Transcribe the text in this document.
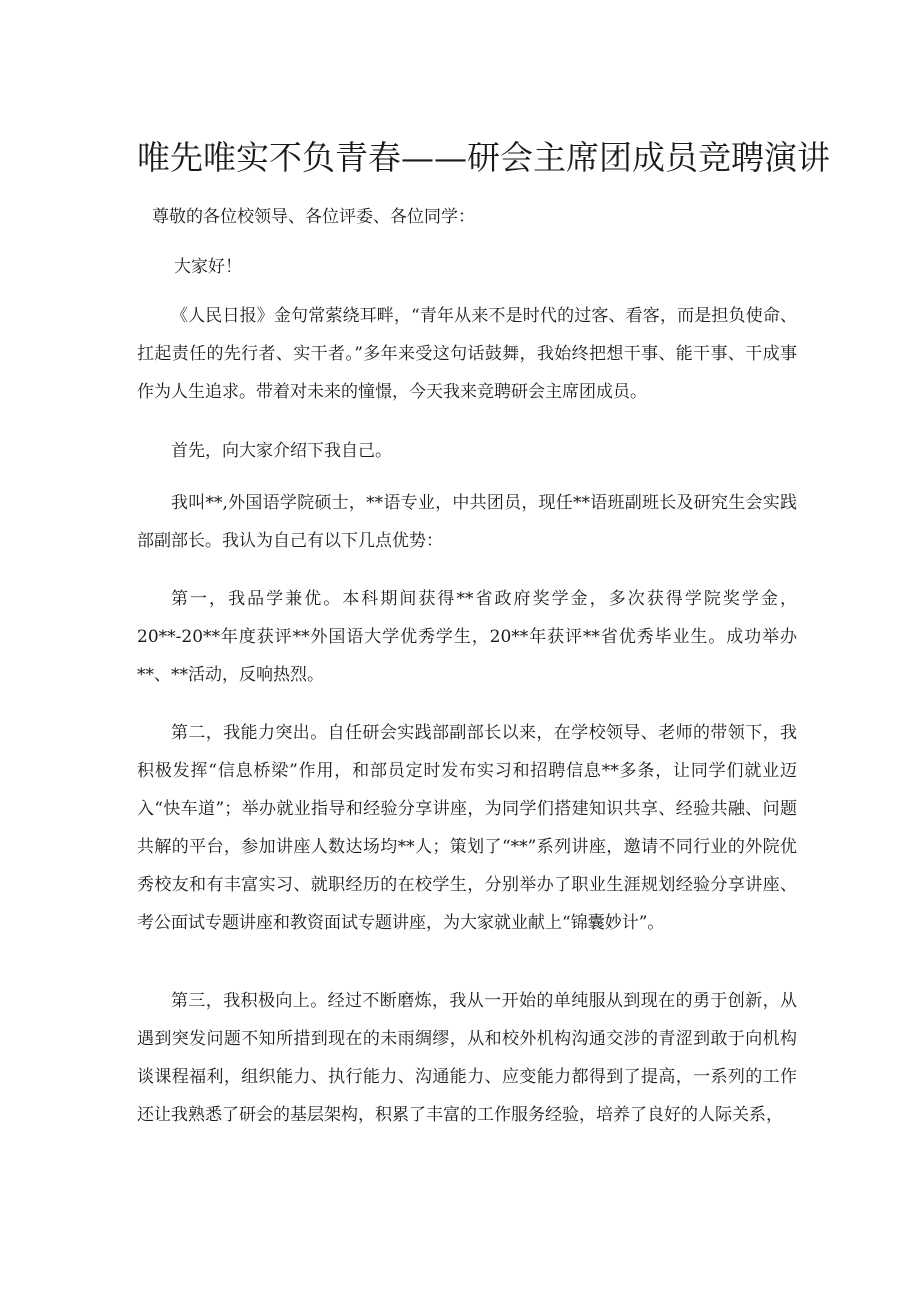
唯先唯实不负青春——研会主席团成员竞聘演讲

尊敬的各位校领导、各位评委、各位同学：

大家好！

《人民日报》金句常萦绕耳畔，“青年从来不是时代的过客、看客，而是担负使命、扛起责任的先行者、实干者。”多年来受这句话鼓舞，我始终把想干事、能干事、干成事作为人生追求。带着对未来的憧憬，今天我来竞聘研会主席团成员。

首先，向大家介绍下我自己。

我叫**,外国语学院硕士，**语专业，中共团员，现任**语班副班长及研究生会实践部副部长。我认为自己有以下几点优势：

第一，我品学兼优。本科期间获得**省政府奖学金，多次获得学院奖学金，20**-20**年度获评**外国语大学优秀学生，20**年获评**省优秀毕业生。成功举办**、**活动，反响热烈。

第二，我能力突出。自任研会实践部副部长以来，在学校领导、老师的带领下，我积极发挥“信息桥梁”作用，和部员定时发布实习和招聘信息**多条，让同学们就业迈入“快车道”；举办就业指导和经验分享讲座，为同学们搭建知识共享、经验共融、问题共解的平台，参加讲座人数达场均**人；策划了“**”系列讲座，邀请不同行业的外院优秀校友和有丰富实习、就职经历的在校学生，分别举办了职业生涯规划经验分享讲座、考公面试专题讲座和教资面试专题讲座，为大家就业献上“锦囊妙计”。

第三，我积极向上。经过不断磨炼，我从一开始的单纯服从到现在的勇于创新，从遇到突发问题不知所措到现在的未雨绸缪，从和校外机构沟通交涉的青涩到敢于向机构谈课程福利，组织能力、执行能力、沟通能力、应变能力都得到了提高，一系列的工作还让我熟悉了研会的基层架构，积累了丰富的工作服务经验，培养了良好的人际关系，
